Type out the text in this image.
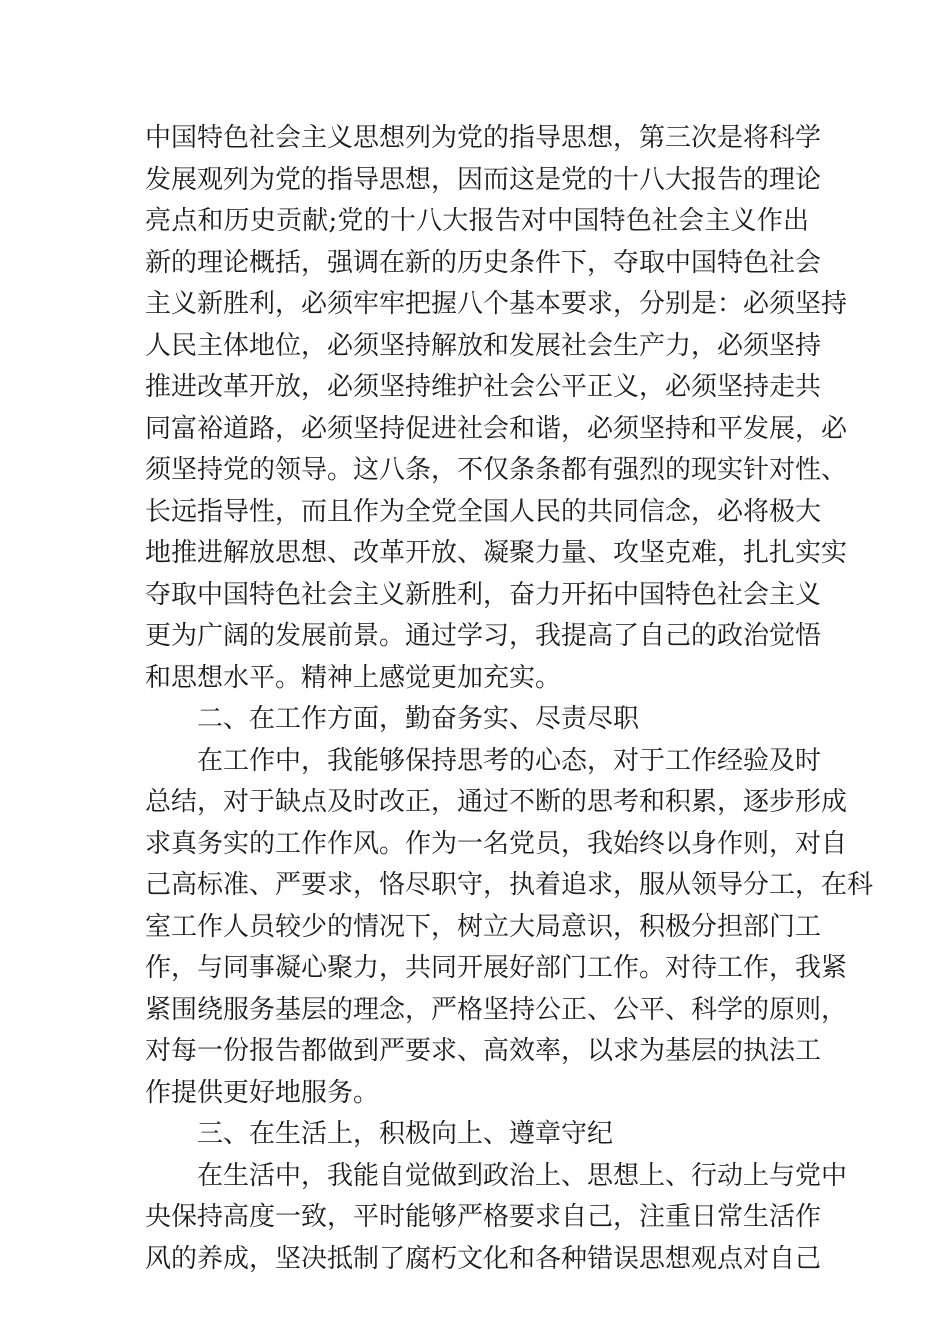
中国特色社会主义思想列为党的指导思想，第三次是将科学
发展观列为党的指导思想，因而这是党的十八大报告的理论
亮点和历史贡献;党的十八大报告对中国特色社会主义作出
新的理论概括，强调在新的历史条件下，夺取中国特色社会
主义新胜利，必须牢牢把握八个基本要求，分别是：必须坚持
人民主体地位，必须坚持解放和发展社会生产力，必须坚持
推进改革开放，必须坚持维护社会公平正义，必须坚持走共
同富裕道路，必须坚持促进社会和谐，必须坚持和平发展，必
须坚持党的领导。这八条，不仅条条都有强烈的现实针对性、
长远指导性，而且作为全党全国人民的共同信念，必将极大
地推进解放思想、改革开放、凝聚力量、攻坚克难，扎扎实实
夺取中国特色社会主义新胜利，奋力开拓中国特色社会主义
更为广阔的发展前景。通过学习，我提高了自己的政治觉悟
和思想水平。精神上感觉更加充实。
二、在工作方面，勤奋务实、尽责尽职
在工作中，我能够保持思考的心态，对于工作经验及时
总结，对于缺点及时改正，通过不断的思考和积累，逐步形成
求真务实的工作作风。作为一名党员，我始终以身作则，对自
己高标准、严要求，恪尽职守，执着追求，服从领导分工，在科
室工作人员较少的情况下，树立大局意识，积极分担部门工
作，与同事凝心聚力，共同开展好部门工作。对待工作，我紧
紧围绕服务基层的理念，严格坚持公正、公平、科学的原则，
对每一份报告都做到严要求、高效率，以求为基层的执法工
作提供更好地服务。
三、在生活上，积极向上、遵章守纪
在生活中，我能自觉做到政治上、思想上、行动上与党中
央保持高度一致，平时能够严格要求自己，注重日常生活作
风的养成，坚决抵制了腐朽文化和各种错误思想观点对自己
